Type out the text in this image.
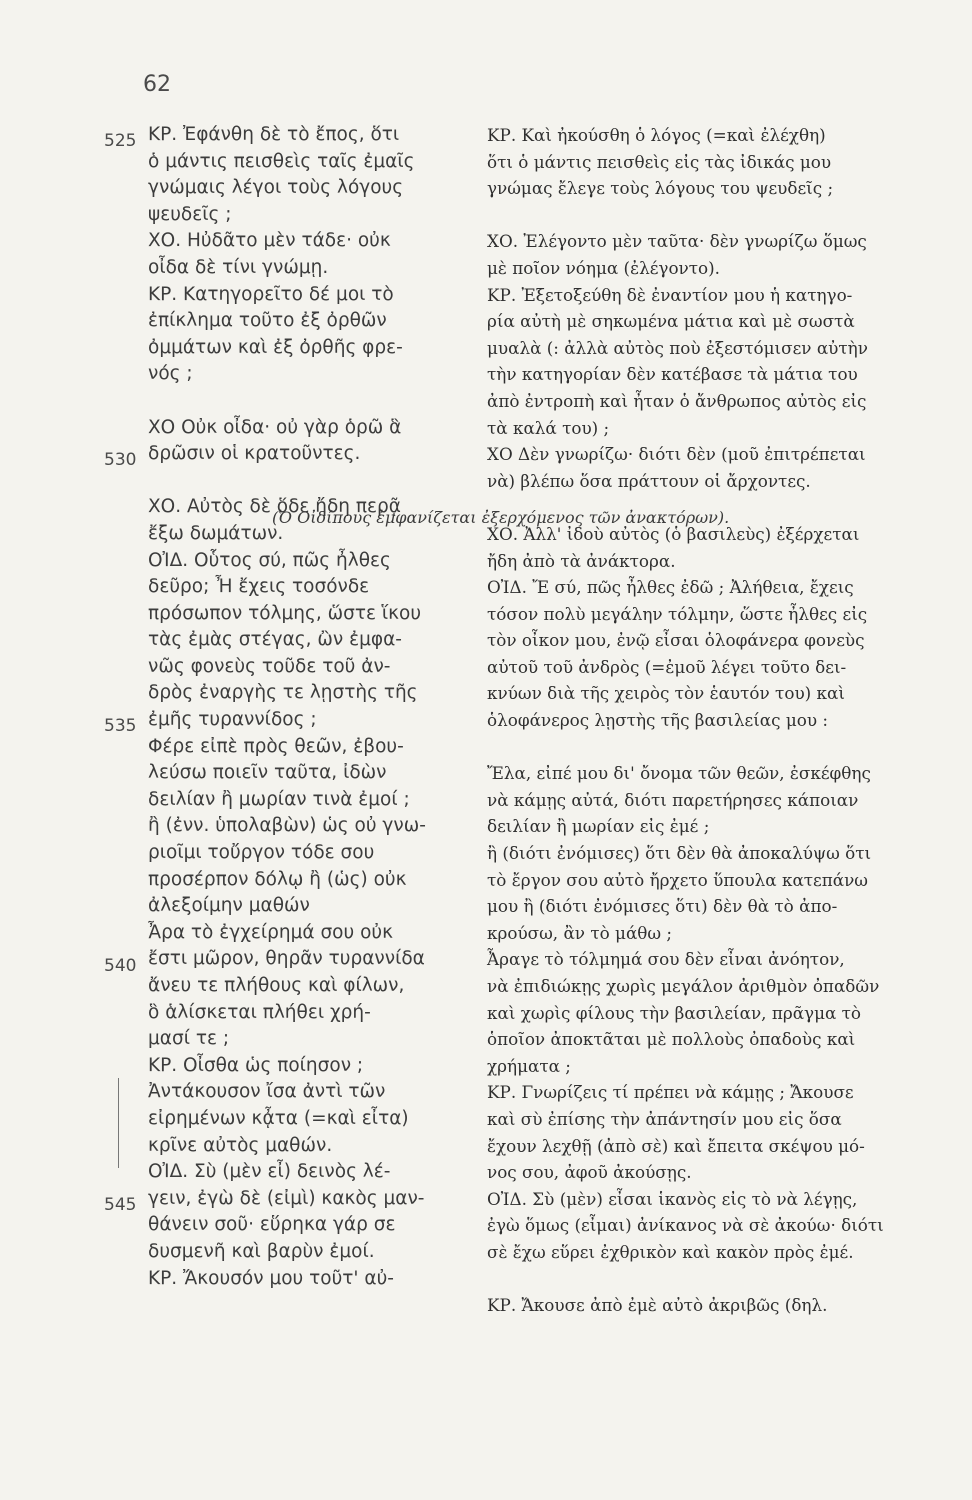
62
525
530
535
540
545
ΚΡ. Ἐφάνθη δὲ τὸ ἔπος, ὅτι
ὁ μάντις πεισθεὶς ταῖς ἐμαῖς
γνώμαις λέγοι τοὺς λόγους
ψευδεῖς ;
ΧΟ. Ηὐδᾶτο μὲν τάδε· οὐκ
οἶδα δὲ τίνι γνώμῃ.
ΚΡ. Κατηγορεῖτο δέ μοι τὸ
ἐπίκλημα τοῦτο ἐξ ὀρθῶν
ὀμμάτων καὶ ἐξ ὀρθῆς φρε-
νός ;
ΧΟ Οὐκ οἶδα· οὐ γὰρ ὁρῶ ἃ
δρῶσιν οἱ κρατοῦντες.
ΧΟ. Αὐτὸς δὲ ὅδε ἤδη περᾷ
ἔξω δωμάτων.
ΟἸΔ. Οὗτος σύ, πῶς ἦλθες
δεῦρο; Ἦ ἔχεις τοσόνδε
πρόσωπον τόλμης, ὥστε ἵκου
τὰς ἐμὰς στέγας, ὢν ἐμφα-
νῶς φονεὺς τοῦδε τοῦ ἀν-
δρὸς ἐναργὴς τε λῃστὴς τῆς
ἐμῆς τυραννίδος ;
Φέρε εἰπὲ πρὸς θεῶν, ἐβου-
λεύσω ποιεῖν ταῦτα, ἰδὼν
δειλίαν ἢ μωρίαν τινὰ ἐμοί ;
ἢ (ἐνν. ὑπολαβὼν) ὡς οὐ γνω-
ριοῖμι τοὔργον τόδε σου
προσέρπον δόλῳ ἢ (ὡς) οὐκ
ἀλεξοίμην μαθών
Ἆρα τὸ ἐγχείρημά σου οὐκ
ἔστι μῶρον, θηρᾶν τυραννίδα
ἄνευ τε πλήθους καὶ φίλων,
ὃ ἁλίσκεται πλήθει χρή-
μασί τε ;
ΚΡ. Οἶσθα ὡς ποίησον ;
Ἀντάκουσον ἴσα ἀντὶ τῶν
εἰρημένων κᾆτα (=καὶ εἶτα)
κρῖνε αὐτὸς μαθών.
ΟἸΔ. Σὺ (μὲν εἶ) δεινὸς λέ-
γειν, ἐγὼ δὲ (εἰμὶ) κακὸς μαν-
θάνειν σοῦ· εὕρηκα γάρ σε
δυσμενῆ καὶ βαρὺν ἐμοί.
ΚΡ. Ἄκουσόν μου τοῦτ' αὐ-
(Ὁ Οἰδίπους ἐμφανίζεται ἐξερχόμενος τῶν ἀνακτόρων).
ΚΡ. Καὶ ἠκούσθη ὁ λόγος (=καὶ ἐλέχθη)
ὅτι ὁ μάντις πεισθεὶς εἰς τὰς ἰδικάς μου
γνώμας ἔλεγε τοὺς λόγους του ψευδεῖς ;
ΧΟ. Ἐλέγοντο μὲν ταῦτα· δὲν γνωρίζω ὅμως
μὲ ποῖον νόημα (ἐλέγοντο).
ΚΡ. Ἐξετοξεύθη δὲ ἐναντίον μου ἡ κατηγο-
ρία αὐτὴ μὲ σηκωμένα μάτια καὶ μὲ σωστὰ
μυαλὰ (: ἀλλὰ αὐτὸς ποὺ ἐξεστόμισεν αὐτὴν
τὴν κατηγορίαν δὲν κατέβασε τὰ μάτια του
ἀπὸ ἐντροπὴ καὶ ἦταν ὁ ἄνθρωπος αὐτὸς εἰς
τὰ καλά του) ;
ΧΟ Δὲν γνωρίζω· διότι δὲν (μοῦ ἐπιτρέπεται
νὰ) βλέπω ὅσα πράττουν οἱ ἄρχοντες.
ΧΟ. Ἀλλ' ἰδοὺ αὐτὸς (ὁ βασιλεὺς) ἐξέρχεται
ἤδη ἀπὸ τὰ ἀνάκτορα.
ΟἸΔ. Ἔ σύ, πῶς ἦλθες ἐδῶ ; Ἀλήθεια, ἔχεις
τόσον πολὺ μεγάλην τόλμην, ὥστε ἦλθες εἰς
τὸν οἶκον μου, ἐνῷ εἶσαι ὁλοφάνερα φονεὺς
αὐτοῦ τοῦ ἀνδρὸς (=ἐμοῦ λέγει τοῦτο δει-
κνύων διὰ τῆς χειρὸς τὸν ἑαυτόν του) καὶ
ὁλοφάνερος λῃστὴς τῆς βασιλείας μου :
Ἔλα, εἰπέ μου δι' ὄνομα τῶν θεῶν, ἐσκέφθης
νὰ κάμῃς αὐτά, διότι παρετήρησες κάποιαν
δειλίαν ἢ μωρίαν εἰς ἐμέ ;
ἢ (διότι ἐνόμισες) ὅτι δὲν θὰ ἀποκαλύψω ὅτι
τὸ ἔργον σου αὐτὸ ἤρχετο ὕπουλα κατεπάνω
μου ἢ (διότι ἐνόμισες ὅτι) δὲν θὰ τὸ ἀπο-
κρούσω, ἂν τὸ μάθω ;
Ἆραγε τὸ τόλμημά σου δὲν εἶναι ἀνόητον,
νὰ ἐπιδιώκῃς χωρὶς μεγάλον ἀριθμὸν ὀπαδῶν
καὶ χωρὶς φίλους τὴν βασιλείαν, πρᾶγμα τὸ
ὁποῖον ἀποκτᾶται μὲ πολλοὺς ὀπαδοὺς καὶ
χρήματα ;
ΚΡ. Γνωρίζεις τί πρέπει νὰ κάμῃς ; Ἄκουσε
καὶ σὺ ἐπίσης τὴν ἀπάντησίν μου εἰς ὅσα
ἔχουν λεχθῇ (ἀπὸ σὲ) καὶ ἔπειτα σκέψου μό-
νος σου, ἀφοῦ ἀκούσῃς.
ΟἸΔ. Σὺ (μὲν) εἶσαι ἱκανὸς εἰς τὸ νὰ λέγῃς,
ἐγὼ ὅμως (εἶμαι) ἀνίκανος νὰ σὲ ἀκούω· διότι
σὲ ἔχω εὕρει ἐχθρικὸν καὶ κακὸν πρὸς ἐμέ.
ΚΡ. Ἄκουσε ἀπὸ ἐμὲ αὐτὸ ἀκριβῶς (δηλ.
